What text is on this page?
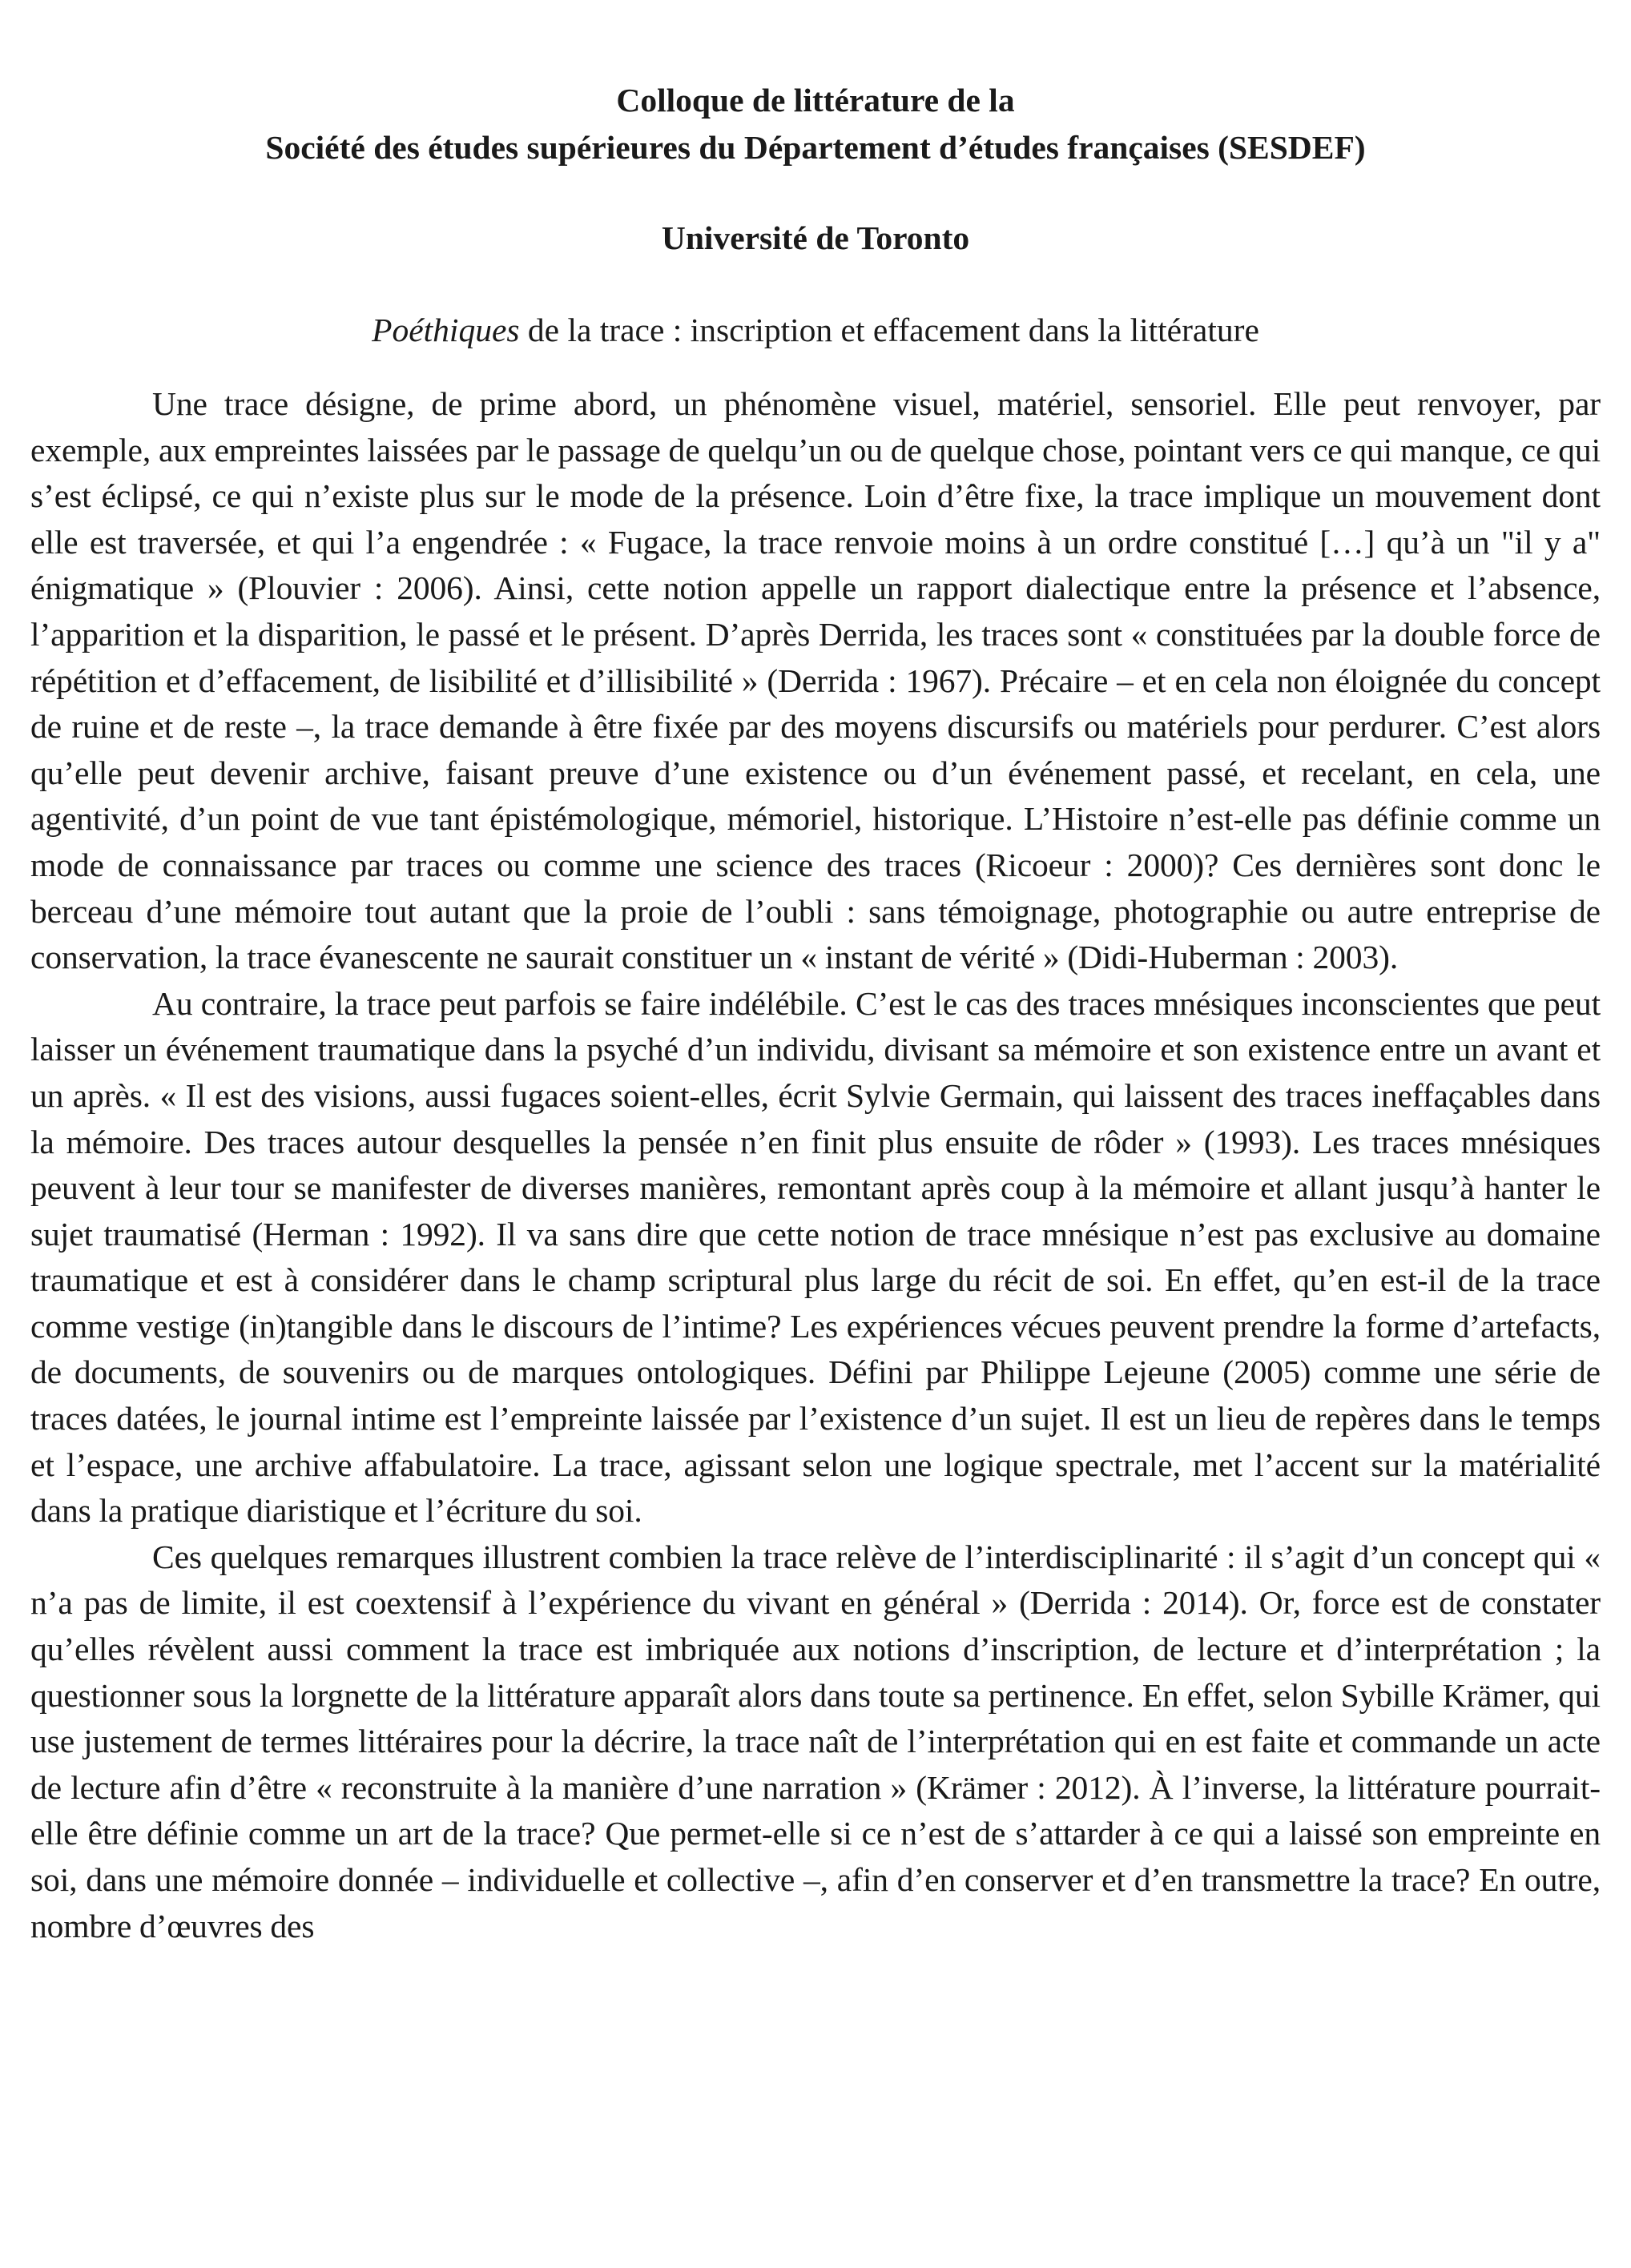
Colloque de littérature de la
Société des études supérieures du Département d’études françaises (SESDEF)
Université de Toronto
Poéthiques de la trace : inscription et effacement dans la littérature

Une trace désigne, de prime abord, un phénomène visuel, matériel, sensoriel. Elle peut renvoyer, par exemple, aux empreintes laissées par le passage de quelqu’un ou de quelque chose, pointant vers ce qui manque, ce qui s’est éclipsé, ce qui n’existe plus sur le mode de la présence. Loin d’être fixe, la trace implique un mouvement dont elle est traversée, et qui l’a engendrée : « Fugace, la trace renvoie moins à un ordre constitué […] qu’à un "il y a" énigmatique » (Plouvier : 2006). Ainsi, cette notion appelle un rapport dialectique entre la présence et l’absence, l’apparition et la disparition, le passé et le présent. D’après Derrida, les traces sont « constituées par la double force de répétition et d’effacement, de lisibilité et d’illisibilité » (Derrida : 1967). Précaire – et en cela non éloignée du concept de ruine et de reste –, la trace demande à être fixée par des moyens discursifs ou matériels pour perdurer. C’est alors qu’elle peut devenir archive, faisant preuve d’une existence ou d’un événement passé, et recelant, en cela, une agentivité, d’un point de vue tant épistémologique, mémoriel, historique. L’Histoire n’est-elle pas définie comme un mode de connaissance par traces ou comme une science des traces (Ricoeur : 2000)? Ces dernières sont donc le berceau d’une mémoire tout autant que la proie de l’oubli : sans témoignage, photographie ou autre entreprise de conservation, la trace évanescente ne saurait constituer un « instant de vérité » (Didi-Huberman : 2003).

Au contraire, la trace peut parfois se faire indélébile. C’est le cas des traces mnésiques inconscientes que peut laisser un événement traumatique dans la psyché d’un individu, divisant sa mémoire et son existence entre un avant et un après. « Il est des visions, aussi fugaces soient-elles, écrit Sylvie Germain, qui laissent des traces ineffaçables dans la mémoire. Des traces autour desquelles la pensée n’en finit plus ensuite de rôder » (1993). Les traces mnésiques peuvent à leur tour se manifester de diverses manières, remontant après coup à la mémoire et allant jusqu’à hanter le sujet traumatisé (Herman : 1992). Il va sans dire que cette notion de trace mnésique n’est pas exclusive au domaine traumatique et est à considérer dans le champ scriptural plus large du récit de soi. En effet, qu’en est-il de la trace comme vestige (in)tangible dans le discours de l’intime? Les expériences vécues peuvent prendre la forme d’artefacts, de documents, de souvenirs ou de marques ontologiques. Défini par Philippe Lejeune (2005) comme une série de traces datées, le journal intime est l’empreinte laissée par l’existence d’un sujet. Il est un lieu de repères dans le temps et l’espace, une archive affabulatoire. La trace, agissant selon une logique spectrale, met l’accent sur la matérialité dans la pratique diaristique et l’écriture du soi.

Ces quelques remarques illustrent combien la trace relève de l’interdisciplinarité : il s’agit d’un concept qui « n’a pas de limite, il est coextensif à l’expérience du vivant en général » (Derrida : 2014). Or, force est de constater qu’elles révèlent aussi comment la trace est imbriquée aux notions d’inscription, de lecture et d’interprétation ; la questionner sous la lorgnette de la littérature apparaît alors dans toute sa pertinence. En effet, selon Sybille Krämer, qui use justement de termes littéraires pour la décrire, la trace naît de l’interprétation qui en est faite et commande un acte de lecture afin d’être « reconstruite à la manière d’une narration » (Krämer : 2012). À l’inverse, la littérature pourrait-elle être définie comme un art de la trace? Que permet-elle si ce n’est de s’attarder à ce qui a laissé son empreinte en soi, dans une mémoire donnée – individuelle et collective –, afin d’en conserver et d’en transmettre la trace? En outre, nombre d’œuvres des
